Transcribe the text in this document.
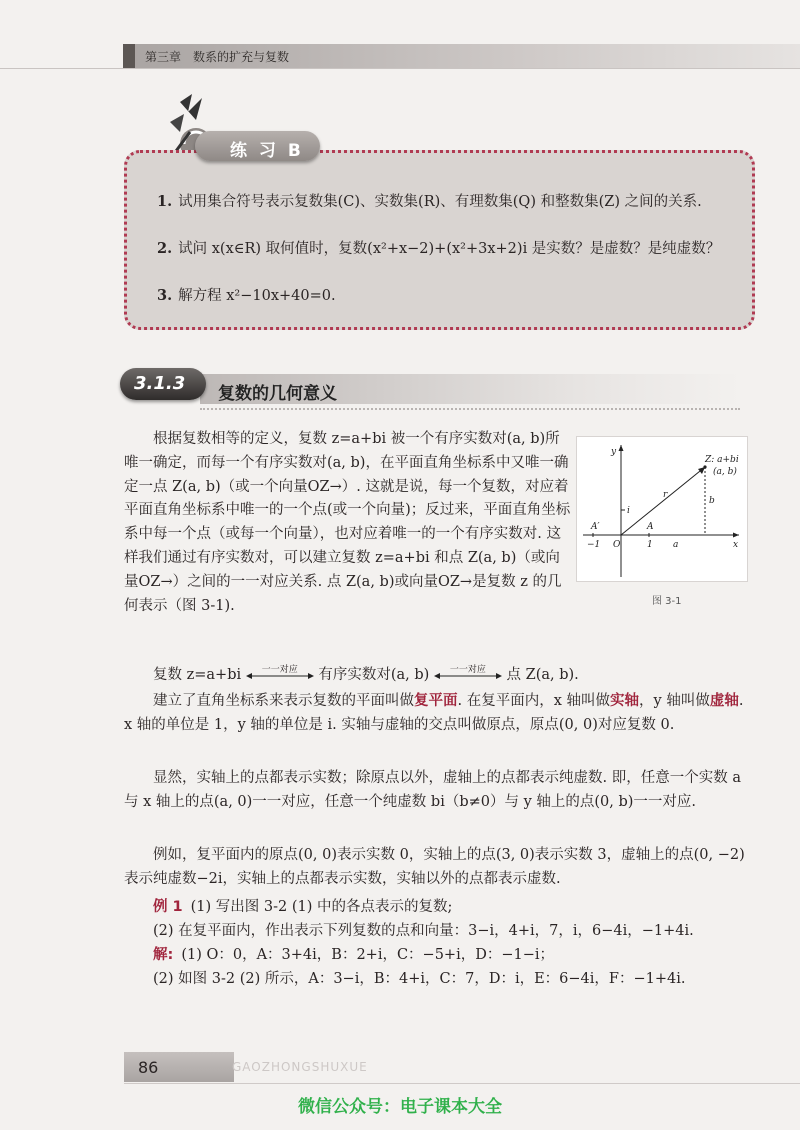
第三章　数系的扩充与复数
1. 试用集合符号表示复数集(C)、实数集(R)、有理数集(Q) 和整数集(Z) 之间的关系.
2. 试问 x(x∈R) 取何值时，复数(x²+x−2)+(x²+3x+2)i 是实数？是虚数？是纯虚数？
3. 解方程 x²−10x+40=0.
练 习 B
3.1.3 复数的几何意义
根据复数相等的定义，复数 z=a+bi 被一个有序实数对(a, b)所唯一确定，而每一个有序实数对(a, b)，在平面直角坐标系中又唯一确定一点 Z(a, b)（或一个向量OZ→）. 这就是说，每一个复数，对应着平面直角坐标系中唯一的一个点(或一个向量)；反过来，平面直角坐标系中每一个点（或每一个向量），也对应着唯一的一个有序实数对. 这样我们通过有序实数对，可以建立复数 z=a+bi 和点 Z(a, b)（或向量OZ→）之间的一一对应关系. 点 Z(a, b)或向量OZ→是复数 z 的几何表示（图 3-1).
y
x
Z: a+bi
(a, b)
r
b
i
A′	A
−1 O	1 a
图 3-1
复数 z=a+bi	一一对应	有序实数对(a, b)	一一对应	点 Z(a, b).
建立了直角坐标系来表示复数的平面叫做复平面. 在复平面内，x 轴叫做实轴，y 轴叫做虚轴. x 轴的单位是 1，y 轴的单位是 i. 实轴与虚轴的交点叫做原点，原点(0, 0)对应复数 0.
显然，实轴上的点都表示实数；除原点以外，虚轴上的点都表示纯虚数. 即，任意一个实数 a 与 x 轴上的点(a, 0)一一对应，任意一个纯虚数 bi（b≠0）与 y 轴上的点(0, b)一一对应.
例如，复平面内的原点(0, 0)表示实数 0，实轴上的点(3, 0)表示实数 3，虚轴上的点(0, −2)表示纯虚数−2i，实轴上的点都表示实数，实轴以外的点都表示虚数.
例 1 (1) 写出图 3-2 (1) 中的各点表示的复数;
(2) 在复平面内，作出表示下列复数的点和向量：3−i，4+i，7，i，6−4i，−1+4i.
解: (1) O：0，A：3+4i，B：2+i，C：−5+i，D：−1−i；
(2) 如图 3-2 (2) 所示，A：3−i，B：4+i，C：7，D：i，E：6−4i，F：−1+4i.
86	GAOZHONGSHUXUE
微信公众号：电子课本大全
